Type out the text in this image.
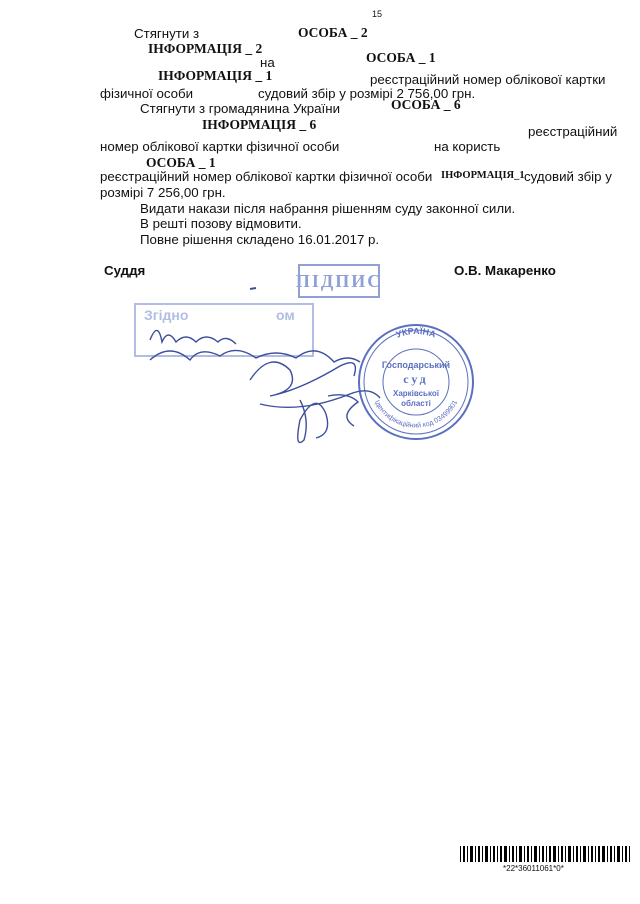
15
Стягнути з	ОСОБА _ 2
ІНФОРМАЦІЯ _ 2
на	ОСОБА _ 1
ІНФОРМАЦІЯ _ 1	реєстраційний номер облікової картки
фізичної особи	судовий збір у розмірі 2 756,00 грн.
Стягнути з громадянина України	ОСОБА _ 6
ІНФОРМАЦІЯ _ 6	реєстраційний
номер облікової картки фізичної особи	на користь
ОСОБА _ 1
реєстраційний номер облікової картки фізичної особи ІНФОРМАЦІЯ_1 судовий збір у
розмірі 7 256,00 грн.
Видати накази після набрання рішенням суду законної сили.
В решті позову відмовити.
Повне рішення складено 16.01.2017 р.
Суддя	О.В. Макаренко
ПІДПИС
Згідно	ом
УКРАЇНА
Ідентифікаційний код 03499901
Господарський
суд
Харківської
області
*22*36011061*0*
